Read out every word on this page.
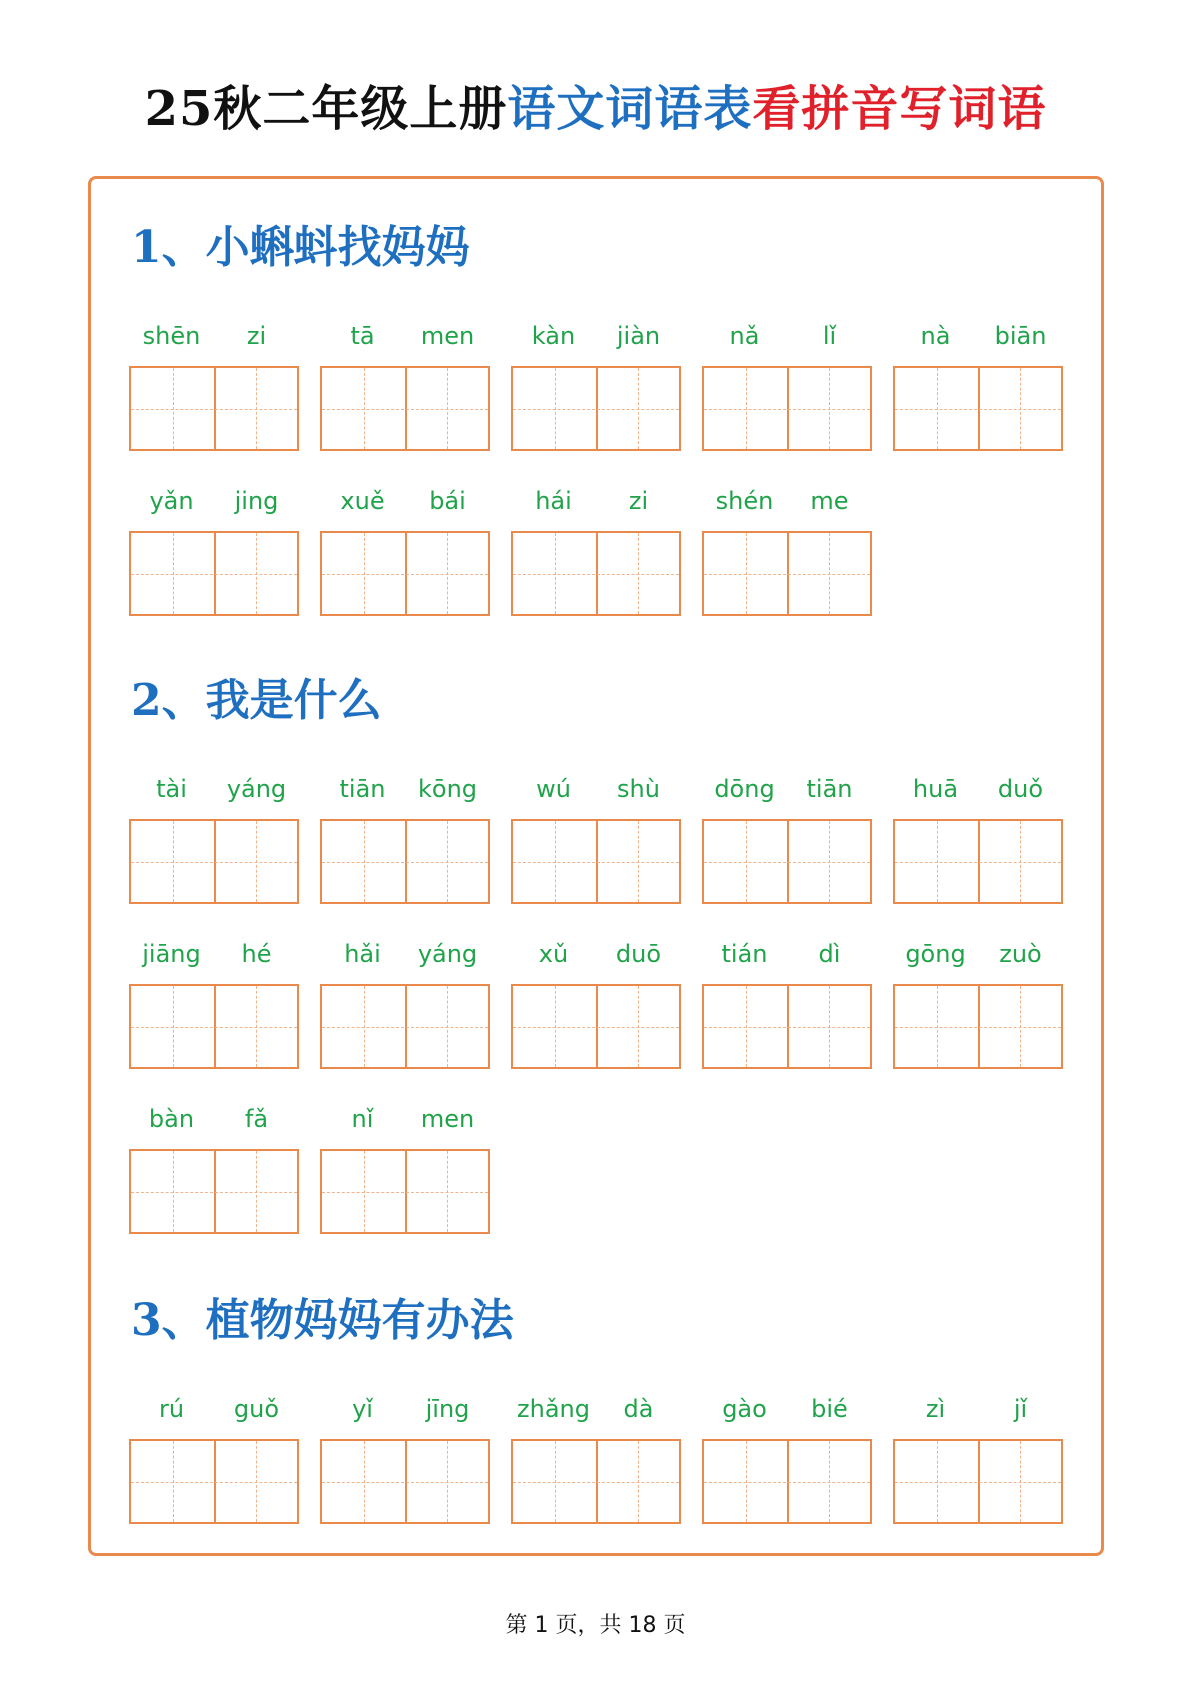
25秋二年级上册语文词语表看拼音写词语
1、小蝌蚪找妈妈
shēn	zi	tā	men	kàn	jiàn	nǎ	lǐ	nà	biān
yǎn	jing	xuě	bái	hái	zi	shén	me
2、我是什么
tài	yáng	tiān	kōng	wú	shù	dōng	tiān	huā	duǒ
jiāng	hé	hǎi	yáng	xǔ	duō	tián	dì	gōng	zuò
bàn	fǎ	nǐ	men
3、植物妈妈有办法
rú	guǒ	yǐ	jīng	zhǎng	dà	gào	bié	zì	jǐ
第 1 页，共 18 页
